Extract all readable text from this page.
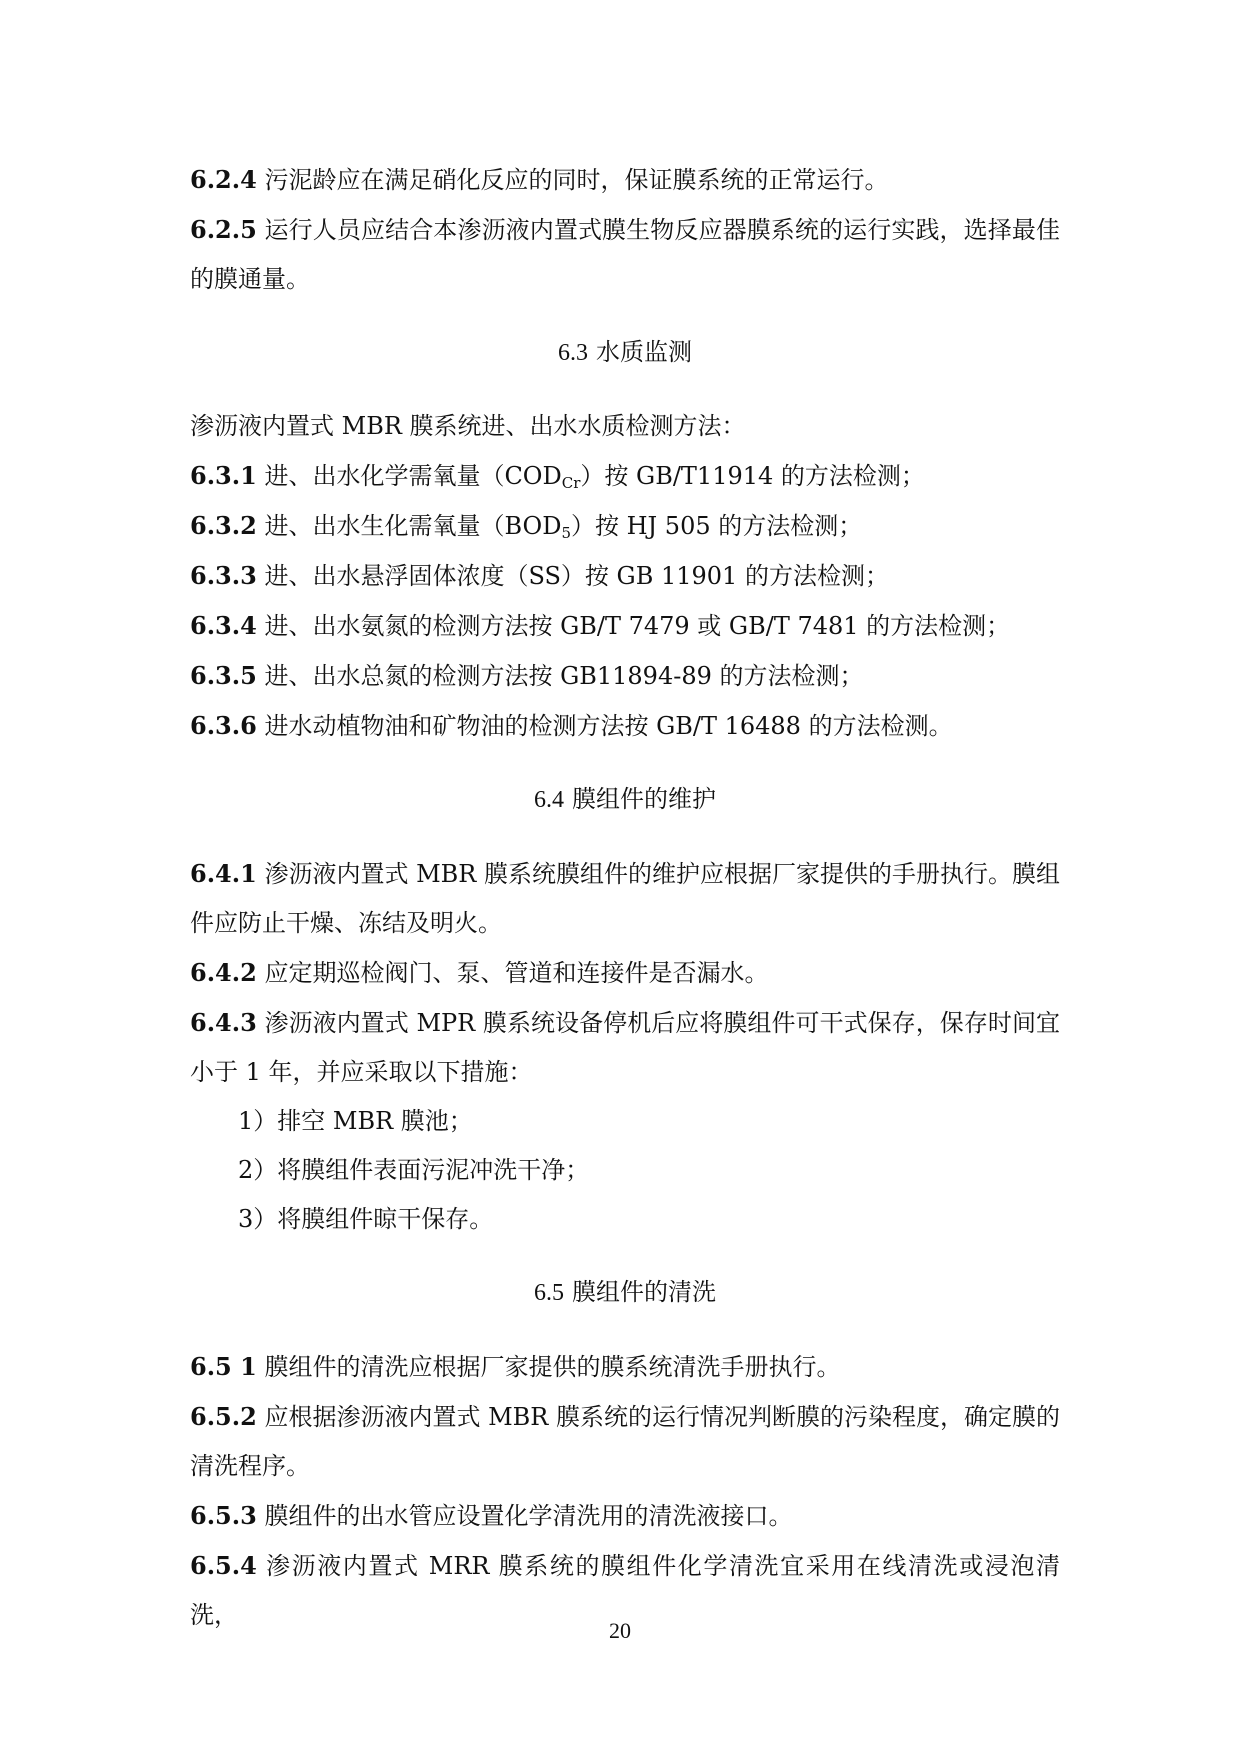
6.2.4 污泥龄应在满足硝化反应的同时，保证膜系统的正常运行。

6.2.5 运行人员应结合本渗沥液内置式膜生物反应器膜系统的运行实践，选择最佳的膜通量。

6.3 水质监测

渗沥液内置式 MBR 膜系统进、出水水质检测方法：

6.3.1 进、出水化学需氧量$(COD_{Cr})$按 GB/T11914 的方法检测；

6.3.2 进、出水生化需氧量$(BOD_5)$按 HJ 505 的方法检测；

6.3.3 进、出水悬浮固体浓度（SS）按 GB 11901 的方法检测；

6.3.4 进、出水氨氮的检测方法按 GB/T 7479 或 GB/T 7481 的方法检测；

6.3.5 进、出水总氮的检测方法按 GB11894-89 的方法检测；

6.3.6 进水动植物油和矿物油的检测方法按 GB/T 16488 的方法检测。

6.4 膜组件的维护

6.4.1 渗沥液内置式 MBR 膜系统膜组件的维护应根据厂家提供的手册执行。膜组件应防止干燥、冻结及明火。

6.4.2 应定期巡检阀门、泵、管道和连接件是否漏水。

6.4.3 渗沥液内置式 MPR 膜系统设备停机后应将膜组件可干式保存，保存时间宜小于 1 年，并应采取以下措施：

1）排空 MBR 膜池；

2）将膜组件表面污泥冲洗干净；

3）将膜组件晾干保存。

6.5 膜组件的清洗

6.5 1 膜组件的清洗应根据厂家提供的膜系统清洗手册执行。

6.5.2 应根据渗沥液内置式 MBR 膜系统的运行情况判断膜的污染程度，确定膜的清洗程序。

6.5.3 膜组件的出水管应设置化学清洗用的清洗液接口。

6.5.4 渗沥液内置式 MRR 膜系统的膜组件化学清洗宜采用在线清洗或浸泡清洗，

20
